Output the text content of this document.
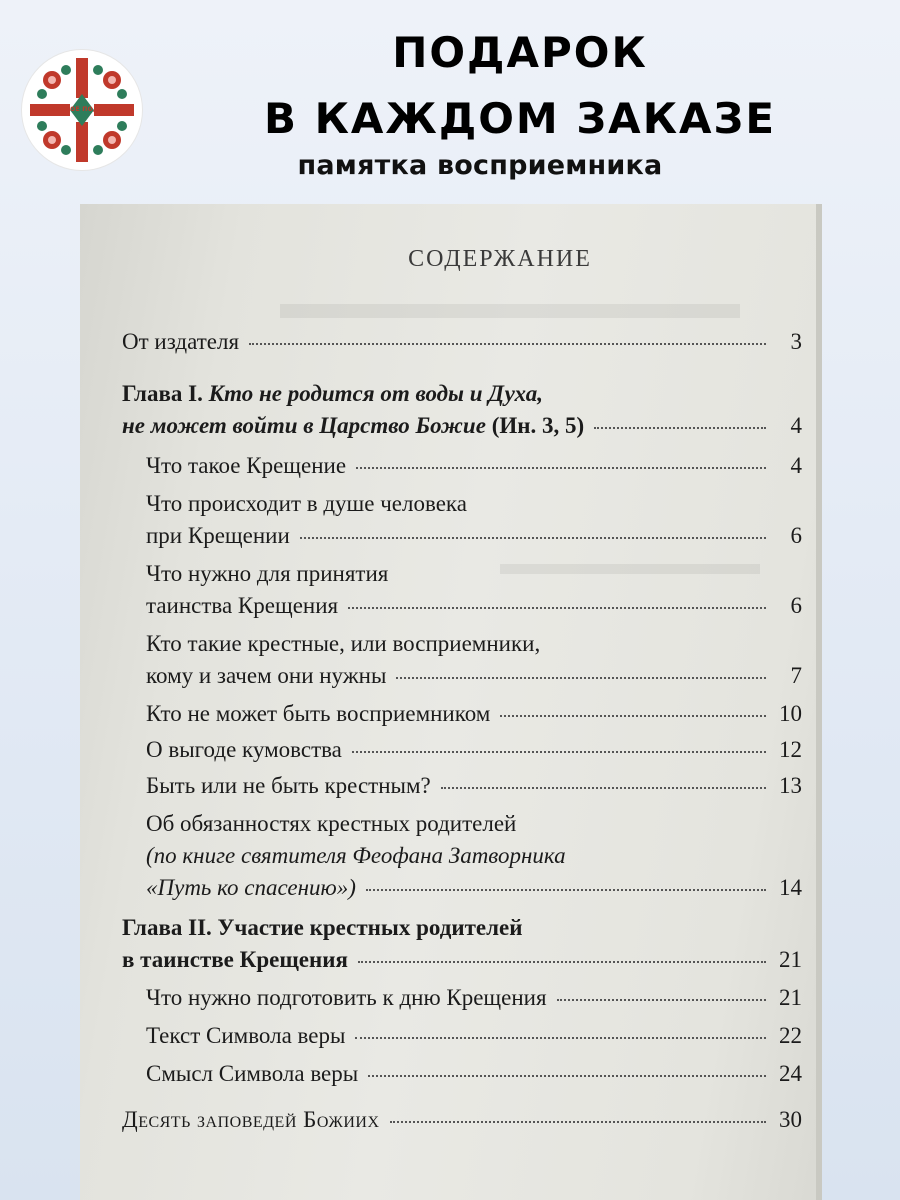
НЕБЕСНОЕ ПОДВОРЬЕ
ПОДАРОК
В КАЖДОМ ЗАКАЗЕ
памятка восприемника
СОДЕРЖАНИЕ
От издателя	3
Глава I. Кто не родится от воды и Духа,
не может войти в Царство Божие (Ин. 3, 5)	4
Что такое Крещение	4
Что происходит в душе человека
при Крещении	6
Что нужно для принятия
таинства Крещения	6
Кто такие крестные, или восприемники,
кому и зачем они нужны	7
Кто не может быть восприемником	10
О выгоде кумовства	12
Быть или не быть крестным?	13
Об обязанностях крестных родителей
(по книге святителя Феофана Затворника
«Путь ко спасению»)	14
Глава II. Участие крестных родителей
в таинстве Крещения	21
Что нужно подготовить к дню Крещения	21
Текст Символа веры	22
Смысл Символа веры	24
Десять заповедей Божиих	30
